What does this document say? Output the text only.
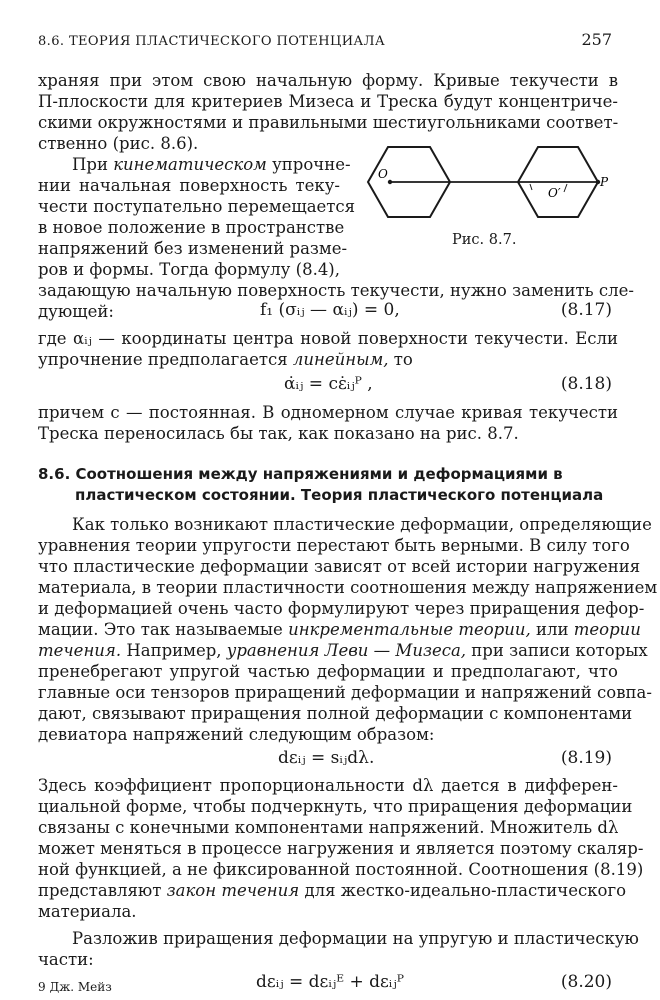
8.6. ТЕОРИЯ ПЛАСТИЧЕСКОГО ПОТЕНЦИАЛА	257
храняя при этом свою начальную форму. Кривые текучести в
П-плоскости для критериев Мизеса и Треска будут концентриче-
скими окружностями и правильными шестиугольниками соответ-
ственно (рис. 8.6).
При кинематическом упрочне-
нии начальная поверхность теку-
чести поступательно перемещается
в новое положение в пространстве
напряжений без изменений разме-
ров и формы. Тогда формулу (8.4),
O
O′
P
Рис. 8.7.
задающую начальную поверхность текучести, нужно заменить сле-
дующей:	f₁ (σᵢⱼ — αᵢⱼ) = 0,	(8.17)
где αᵢⱼ — координаты центра новой поверхности текучести. Если
упрочнение предполагается линейным, то
α̇ᵢⱼ = cε̇ᵢⱼᴾ ,	(8.18)
причем c — постоянная. В одномерном случае кривая текучести
Треска переносилась бы так, как показано на рис. 8.7.
8.6. Соотношения между напряжениями и деформациями в
пластическом состоянии. Теория пластического потенциала
Как только возникают пластические деформации, определяющие
уравнения теории упругости перестают быть верными. В силу того
что пластические деформации зависят от всей истории нагружения
материала, в теории пластичности соотношения между напряжением
и деформацией очень часто формулируют через приращения дефор-
мации. Это так называемые инкрементальные теории, или теории
течения. Например, уравнения Леви — Мизеса, при записи которых
пренебрегают упругой частью деформации и предполагают, что
главные оси тензоров приращений деформации и напряжений совпа-
дают, связывают приращения полной деформации с компонентами
девиатора напряжений следующим образом:
dεᵢⱼ = sᵢⱼdλ.	(8.19)
Здесь коэффициент пропорциональности dλ дается в дифферен-
циальной форме, чтобы подчеркнуть, что приращения деформации
связаны с конечными компонентами напряжений. Множитель dλ
может меняться в процессе нагружения и является поэтому скаляр-
ной функцией, а не фиксированной постоянной. Соотношения (8.19)
представляют закон течения для жестко-идеально-пластического
материала.
Разложив приращения деформации на упругую и пластическую
части:
dεᵢⱼ = dεᵢⱼᴱ + dεᵢⱼᴾ	(8.20)
9 Дж. Мейз
